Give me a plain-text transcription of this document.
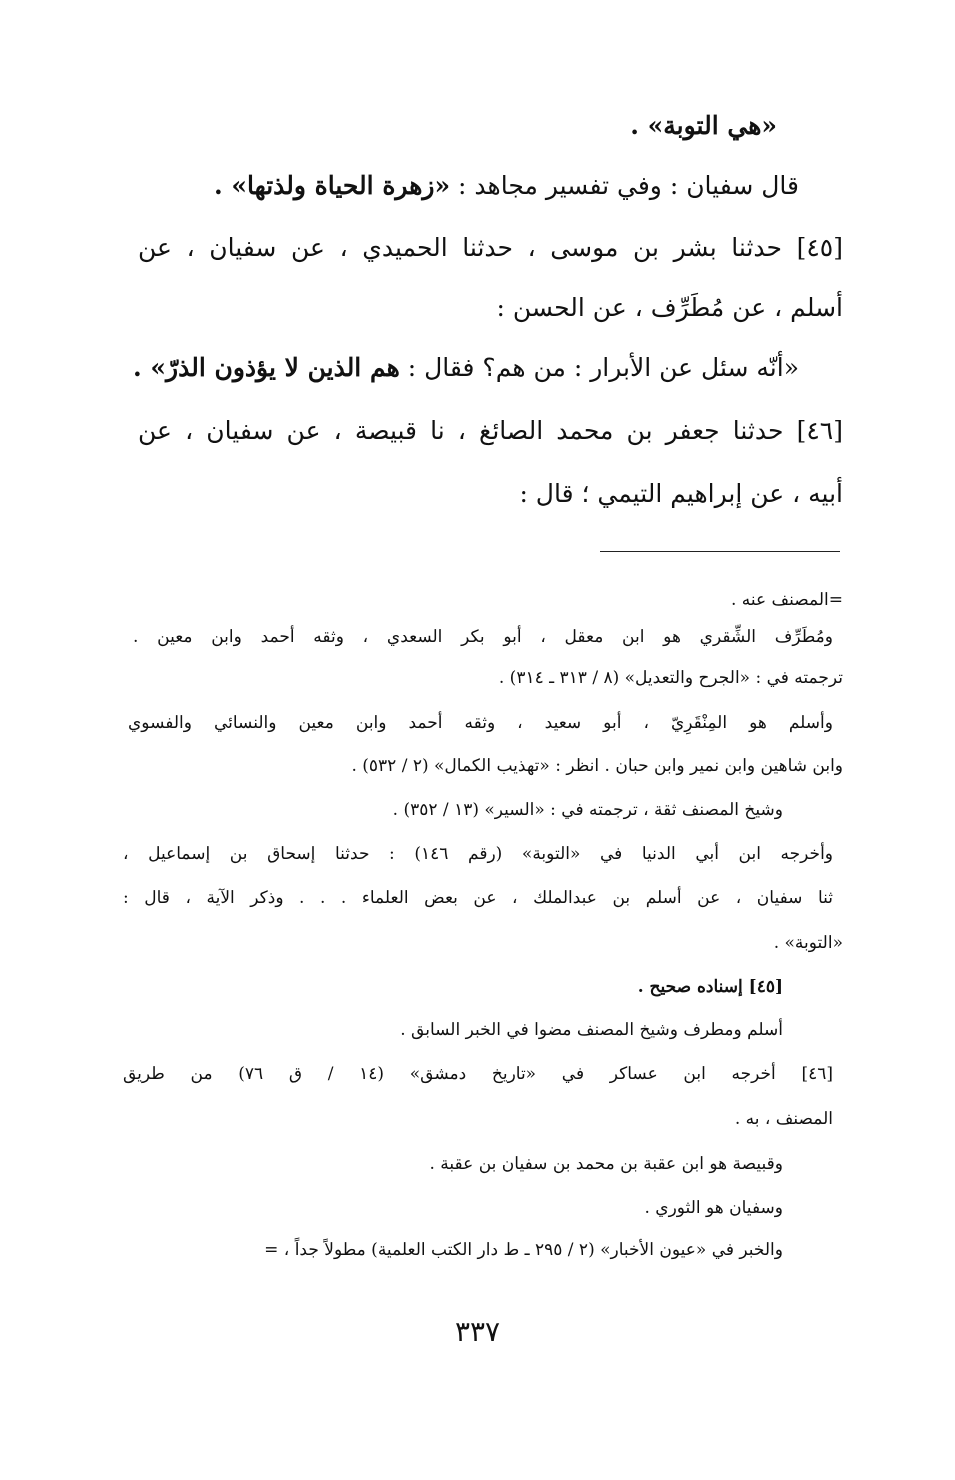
«هي التوبة» .
قال سفيان : وفي تفسير مجاهد : «زهرة الحياة ولذتها» .
[٤٥] حدثنا بشر بن موسى ، حدثنا الحميدي ، عن سفيان ، عن
أسلم ، عن مُطَرِّف ، عن الحسن :
«أنّه سئل عن الأبرار : من هم؟ فقال : هم الذين لا يؤذون الذرّ» .
[٤٦] حدثنا جعفر بن محمد الصائغ ، نا قبيصة ، عن سفيان ، عن
أبيه ، عن إبراهيم التيمي ؛ قال :
=المصنف عنه .
ومُطَرِّف الشِّقري هو ابن معقل ، أبو بكر السعدي ، وثقه أحمد وابن معين .
ترجمته في : «الجرح والتعديل» (٨ / ٣١٣ ـ ٣١٤) .
وأسلم هو المِنْقَرِيّ ، أبو سعيد ، وثقه أحمد وابن معين والنسائي والفسوي
وابن شاهين وابن نمير وابن حبان . انظر : «تهذيب الكمال» (٢ / ٥٣٢) .
وشيخ المصنف ثقة ، ترجمته في : «السير» (١٣ / ٣٥٢) .
وأخرجه ابن أبي الدنيا في «التوبة» (رقم ١٤٦) : حدثنا إسحاق بن إسماعيل ،
ثنا سفيان ، عن أسلم بن عبدالملك ، عن بعض العلماء . . . وذكر الآية ، قال :
«التوبة» .
[٤٥] إسناده صحيح .
أسلم ومطرف وشيخ المصنف مضوا في الخبر السابق .
[٤٦] أخرجه ابن عساكر في «تاريخ دمشق» (١٤ / ق ٧٦) من طريق
المصنف ، به .
وقبيصة هو ابن عقبة بن محمد بن سفيان بن عقبة .
وسفيان هو الثوري .
والخبر في «عيون الأخبار» (٢ / ٢٩٥ ـ ط دار الكتب العلمية) مطولاً جداً ، =
٣٣٧
